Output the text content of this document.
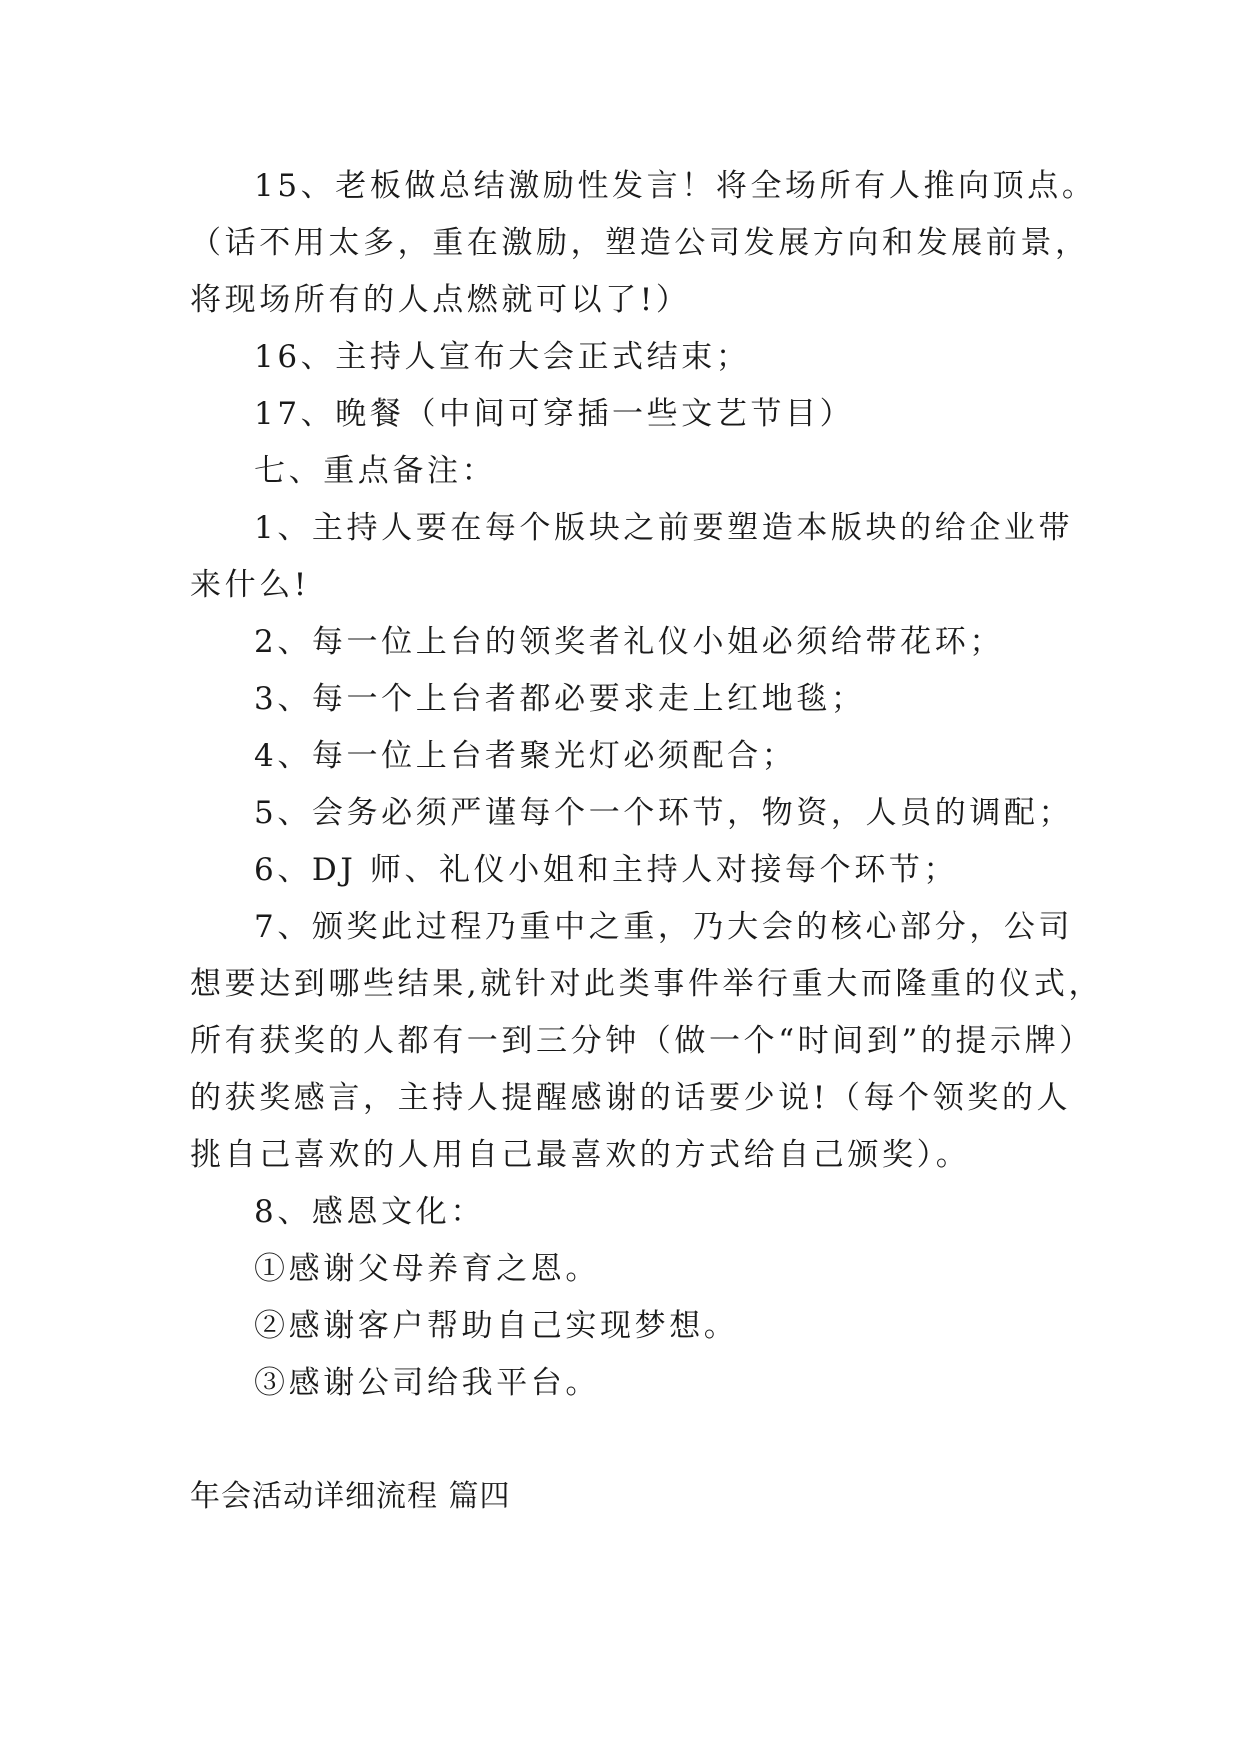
15、老板做总结激励性发言！将全场所有人推向顶点。
（话不用太多，重在激励，塑造公司发展方向和发展前景，
将现场所有的人点燃就可以了!）
16、主持人宣布大会正式结束；
17、晚餐（中间可穿插一些文艺节目）
七、重点备注：
1、主持人要在每个版块之前要塑造本版块的给企业带
来什么!
2、每一位上台的领奖者礼仪小姐必须给带花环；
3、每一个上台者都必要求走上红地毯；
4、每一位上台者聚光灯必须配合；
5、会务必须严谨每个一个环节，物资，人员的调配；
6、DJ 师、礼仪小姐和主持人对接每个环节；
7、颁奖此过程乃重中之重，乃大会的核心部分，公司
想要达到哪些结果,就针对此类事件举行重大而隆重的仪式，
所有获奖的人都有一到三分钟（做一个“时间到”的提示牌）
的获奖感言，主持人提醒感谢的话要少说!（每个领奖的人
挑自己喜欢的人用自己最喜欢的方式给自己颁奖）。
8、感恩文化：
①感谢父母养育之恩。
②感谢客户帮助自己实现梦想。
③感谢公司给我平台。
年会活动详细流程 篇四
